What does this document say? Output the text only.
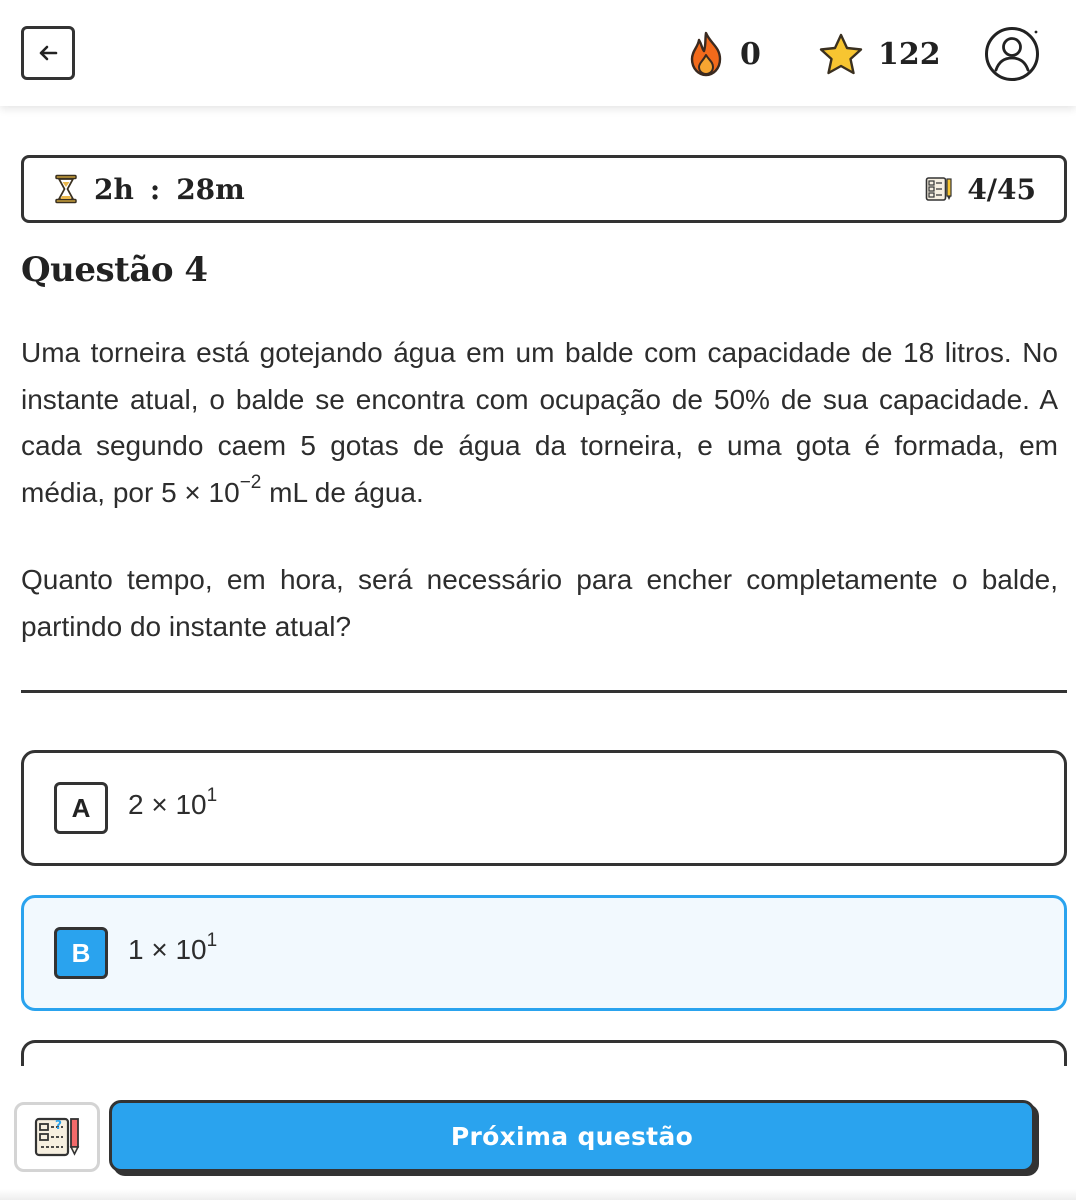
0	122
2h : 28m	4/45
Questão 4

Uma torneira está gotejando água em um balde com capacidade de 18 litros. No instante atual, o balde se encontra com ocupação de 50% de sua capacidade. A cada segundo caem 5 gotas de água da torneira, e uma gota é formada, em média, por $5 \times 10^{-2}$ mL de água.

Quanto tempo, em hora, será necessário para encher completamente o balde, partindo do instante atual?

A	$2 \times 10^1$
B	$1 \times 10^1$
?	Próxima questão
